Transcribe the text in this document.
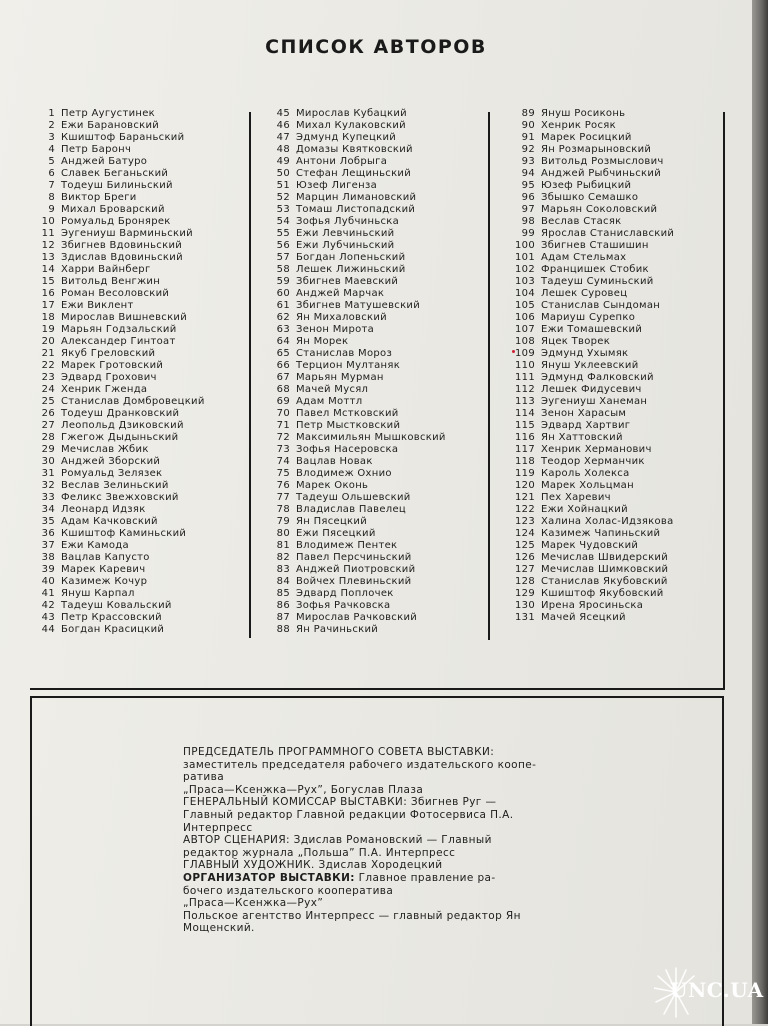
СПИСОК АВТОРОВ
1 Петр Аугустинек
2 Ежи Барановский
3 Кшиштоф Бараньский
4 Петр Баронч
5 Анджей Батуро
6 Славек Беганьский
7 Тодеуш Билиньский
8 Виктор Бреги
9 Михал Броварский
10 Ромуальд Бронярек
11 Эугениуш Варминьский
12 Збигнев Вдовиньский
13 Здислав Вдовиньский
14 Харри Вайнберг
15 Витольд Венгжин
16 Роман Весоловский
17 Ежи Виклент
18 Мирослав Вишневский
19 Марьян Годзальский
20 Александер Гинтоат
21 Якуб Греловский
22 Марек Гротовский
23 Эдвард Грохович
24 Хенрик Гженда
25 Станислав Домбровецкий
26 Тодеуш Дранковский
27 Леопольд Дзиковский
28 Гжегож Дыдыньский
29 Мечислав Жбик
30 Анджей Зборский
31 Ромуальд Зелязек
32 Веслав Зелиньский
33 Феликс Звежховский
34 Леонард Идзяк
35 Адам Качковский
36 Кшиштоф Каминьский
37 Ежи Камода
38 Вацлав Капусто
39 Марек Каревич
40 Казимеж Кочур
41 Януш Карпал
42 Тадеуш Ковальский
43 Петр Крассовский
44 Богдан Красицкий
45 Мирослав Кубацкий
46 Михал Кулаковский
47 Эдмунд Купецкий
48 Домазы Квятковский
49 Антони Лобрыга
50 Стефан Лещиньский
51 Юзеф Лигенза
52 Марцин Лимановский
53 Томаш Листопадский
54 Зофья Лубчиньска
55 Ежи Левчиньский
56 Ежи Лубчиньский
57 Богдан Лопеньский
58 Лешек Лижиньский
59 Збигнев Маевский
60 Анджей Марчак
61 Збигнев Матушевский
62 Ян Михаловский
63 Зенон Мирота
64 Ян Морек
65 Станислав Мороз
66 Терцион Мултаняк
67 Марьян Мурман
68 Мачей Мусял
69 Адам Моттл
70 Павел Мстковский
71 Петр Мыстковский
72 Максимильян Мышковский
73 Зофья Насеровска
74 Вацлав Новак
75 Влодимеж Охнио
76 Марек Оконь
77 Тадеуш Ольшевский
78 Владислав Павелец
79 Ян Пясецкий
80 Ежи Пясецкий
81 Влодимеж Пентек
82 Павел Персчиньский
83 Анджей Пиотровский
84 Войчех Плевиньский
85 Эдвард Поплочек
86 Зофья Рачковска
87 Мирослав Рачковский
88 Ян Рачиньский
89 Януш Росиконь
90 Хенрик Росяк
91 Марек Росицкий
92 Ян Розмарыновский
93 Витольд Розмыслович
94 Анджей Рыбчиньский
95 Юзеф Рыбицкий
96 Збышко Семашко
97 Марьян Соколовский
98 Веслав Стасяк
99 Ярослав Станиславский
100 Збигнев Сташишин
101 Адам Стельмах
102 Францишек Стобик
103 Тадеуш Суминьский
104 Лешек Суровец
105 Станислав Сындоман
106 Мариуш Сурепко
107 Ежи Томашевский
108 Яцек Творек
109 Эдмунд Ухымяк
110 Януш Уклеевский
111 Эдмунд Фалковский
112 Лешек Фидусевич
113 Эугениуш Ханеман
114 Зенон Харасым
115 Эдвард Хартвиг
116 Ян Хаттовский
117 Хенрик Херманович
118 Теодор Херманчик
119 Кароль Холекса
120 Марек Хольцман
121 Пех Харевич
122 Ежи Хойнацкий
123 Халина Холас-Идзякова
124 Казимеж Чапиньский
125 Марек Чудовский
126 Мечислав Швидерский
127 Мечислав Шимковский
128 Станислав Якубовский
129 Кшиштоф Якубовский
130 Ирена Яросиньска
131 Мачей Ясецкий
ПРЕДСЕДАТЕЛЬ ПРОГРАММНОГО СОВЕТА ВЫСТАВКИ:
заместитель председателя рабочего издательского коопе-
ратива
„Праса—Ксенжка—Рух”, Богуслав Плаза
ГЕНЕРАЛЬНЫЙ КОМИССАР ВЫСТАВКИ: Збигнев Руг —
Главный редактор Главной редакции Фотосервиса П.А.
Интерпресс
АВТОР СЦЕНАРИЯ: Здислав Романовский — Главный
редактор журнала „Польша” П.А. Интерпресс
ГЛАВНЫЙ ХУДОЖНИК. Здислав Хородецкий
ОРГАНИЗАТОР ВЫСТАВКИ: Главное правление ра-
бочего издательского кооператива
„Праса—Ксенжка—Рух”
Польское агентство Интерпресс — главный редактор Ян
Мощенский.
UNC.UA
